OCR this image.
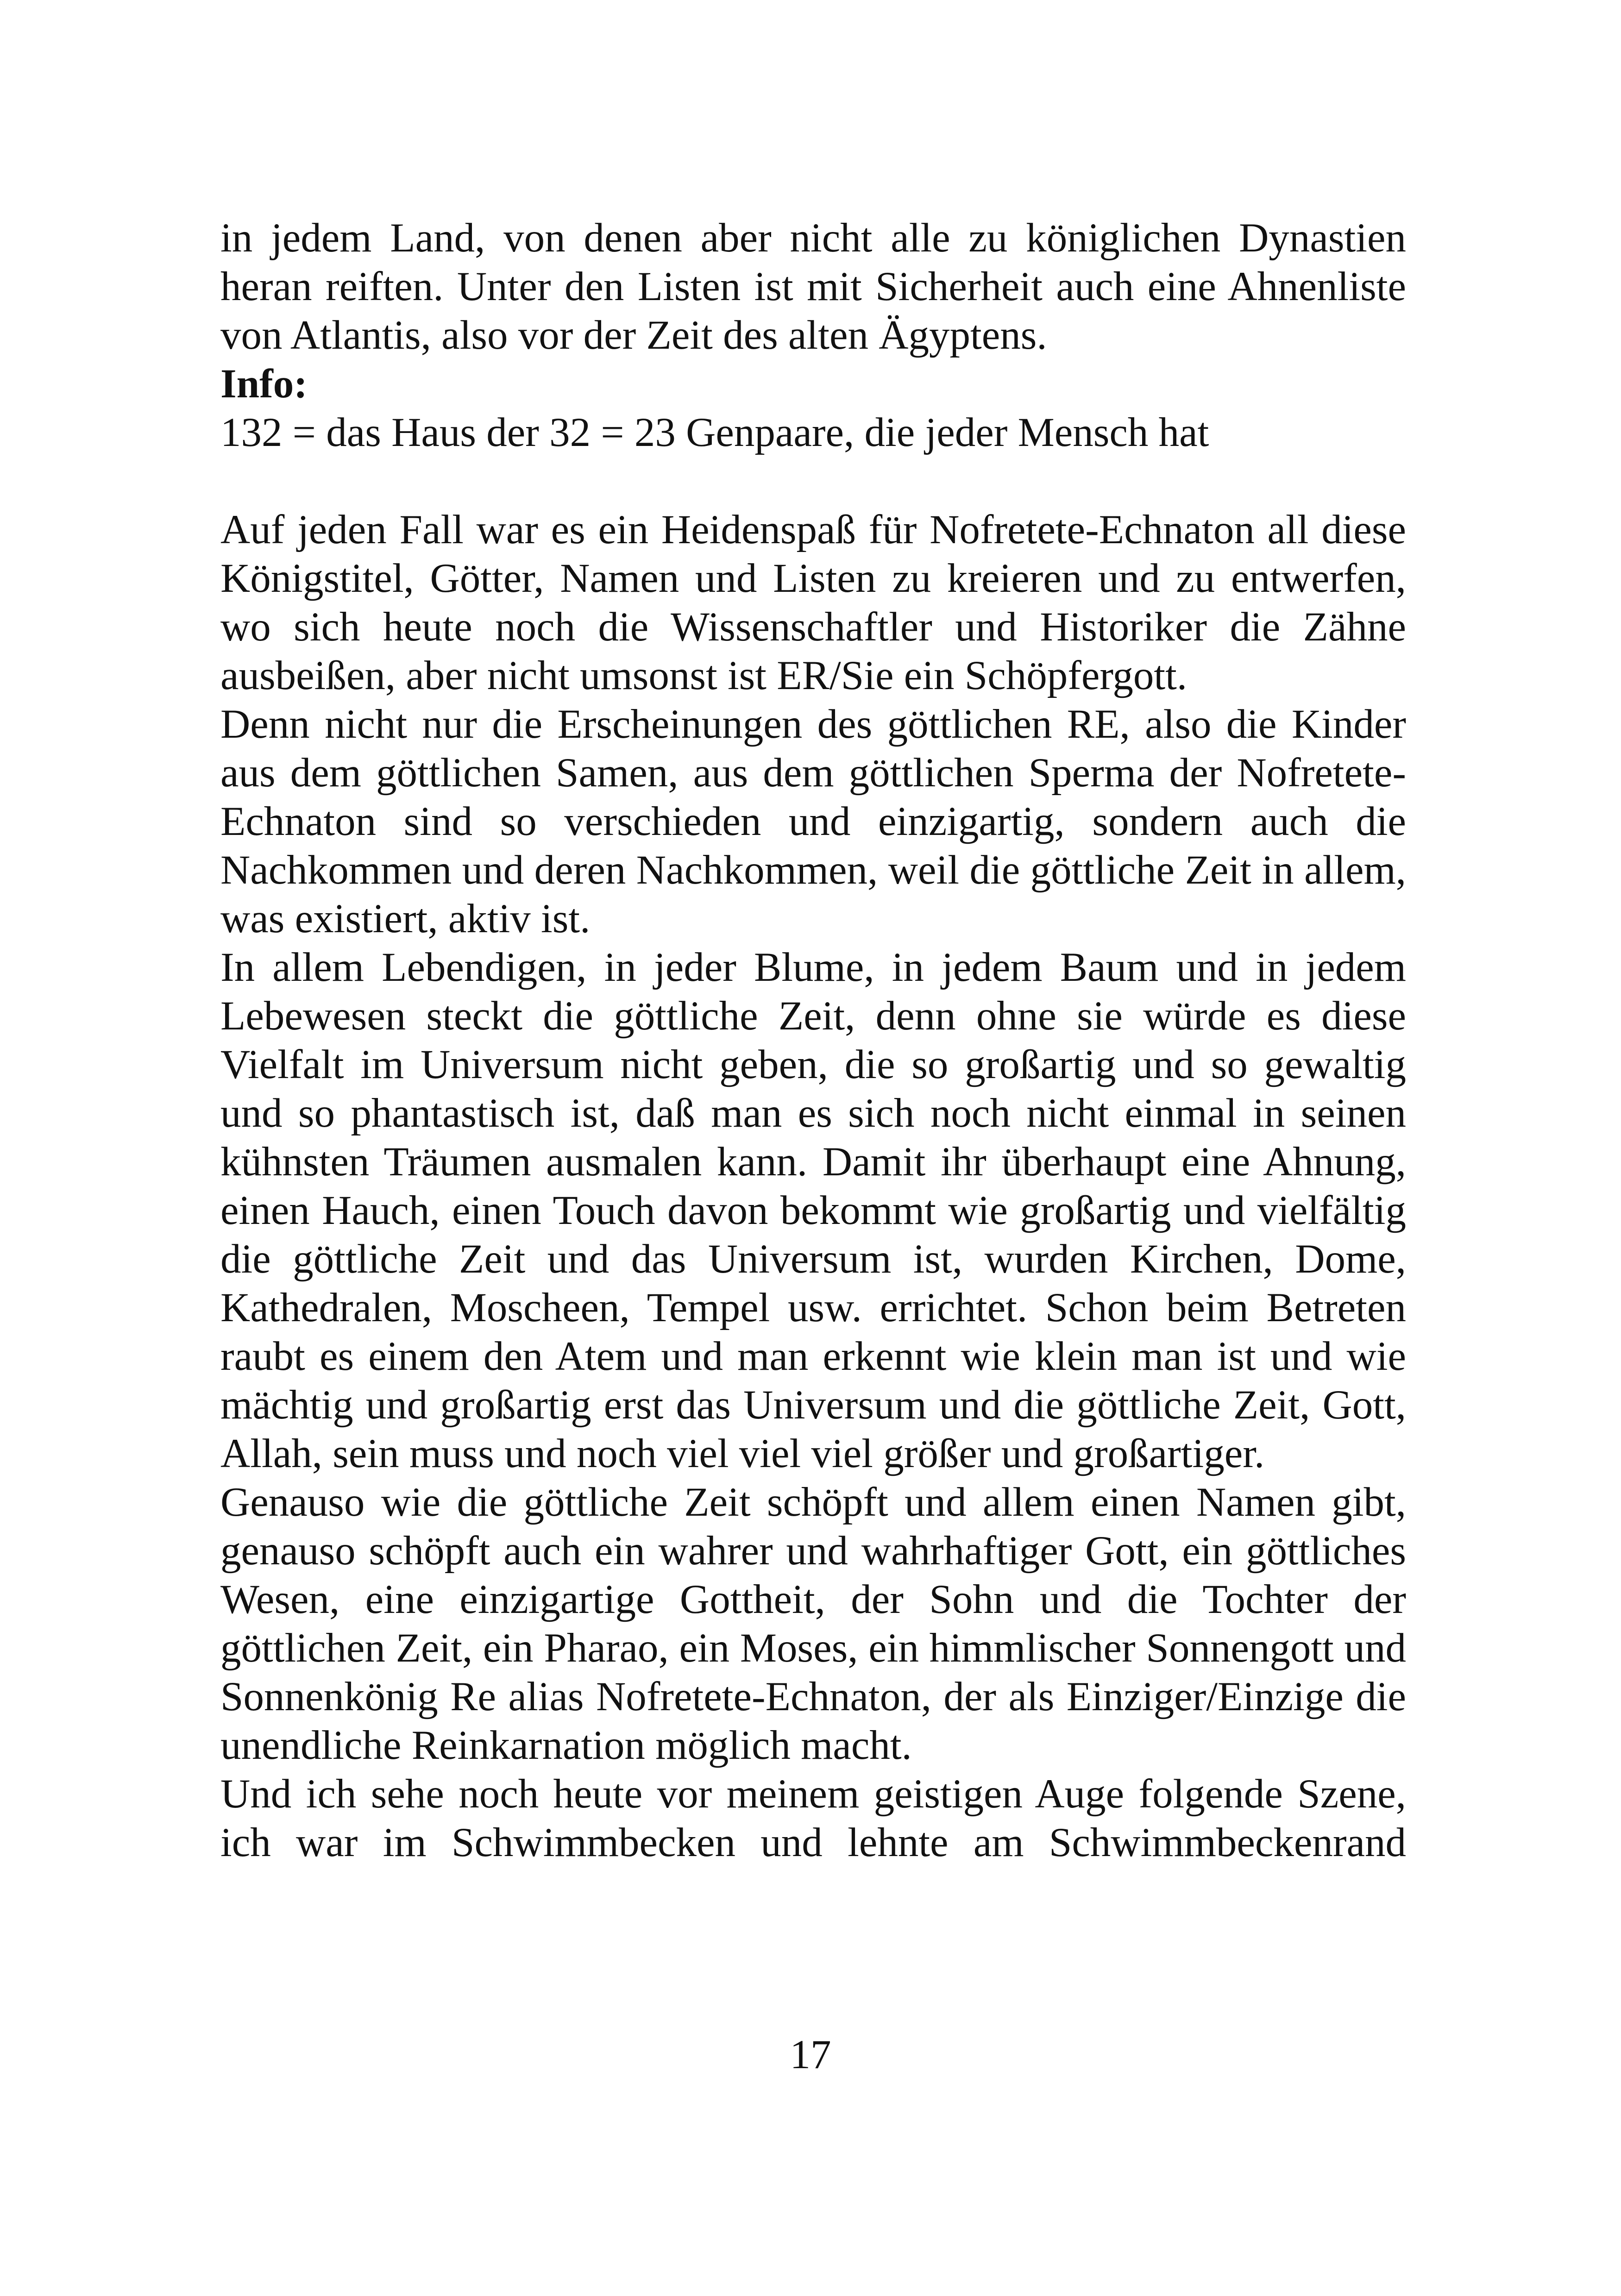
in jedem Land, von denen aber nicht alle zu königlichen Dynastien heran reiften. Unter den Listen ist mit Sicherheit auch eine Ahnenliste von Atlantis, also vor der Zeit des alten Ägyptens.

Info:

132 = das Haus der 32 = 23 Genpaare, die jeder Mensch hat

Auf jeden Fall war es ein Heidenspaß für Nofretete-Echnaton all diese Königstitel, Götter, Namen und Listen zu kreieren und zu entwerfen, wo sich heute noch die Wissenschaftler und Historiker die Zähne ausbeißen, aber nicht umsonst ist ER/Sie ein Schöpfergott.

Denn nicht nur die Erscheinungen des göttlichen RE, also die Kinder aus dem göttlichen Samen, aus dem göttlichen Sperma der Nofretete-Echnaton sind so verschieden und einzigartig, sondern auch die Nachkommen und deren Nachkommen, weil die göttliche Zeit in allem, was existiert, aktiv ist.

In allem Lebendigen, in jeder Blume, in jedem Baum und in jedem Lebewesen steckt die göttliche Zeit, denn ohne sie würde es diese Vielfalt im Universum nicht geben, die so großartig und so gewaltig und so phantastisch ist, daß man es sich noch nicht einmal in seinen kühnsten Träumen ausmalen kann. Damit ihr überhaupt eine Ahnung, einen Hauch, einen Touch davon bekommt wie großartig und vielfältig die göttliche Zeit und das Universum ist, wurden Kirchen, Dome, Kathedralen, Moscheen, Tempel usw. errichtet. Schon beim Betreten raubt es einem den Atem und man erkennt wie klein man ist und wie mächtig und großartig erst das Universum und die göttliche Zeit, Gott, Allah, sein muss und noch viel viel viel größer und großartiger.

Genauso wie die göttliche Zeit schöpft und allem einen Namen gibt, genauso schöpft auch ein wahrer und wahrhaftiger Gott, ein göttliches Wesen, eine einzigartige Gottheit, der Sohn und die Tochter der göttlichen Zeit, ein Pharao, ein Moses, ein himmlischer Sonnengott und Sonnenkönig Re alias Nofretete-Echnaton, der als Einziger/Einzige die unendliche Reinkarnation möglich macht.

Und ich sehe noch heute vor meinem geistigen Auge folgende Szene, ich war im Schwimmbecken und lehnte am Schwimmbeckenrand

17
